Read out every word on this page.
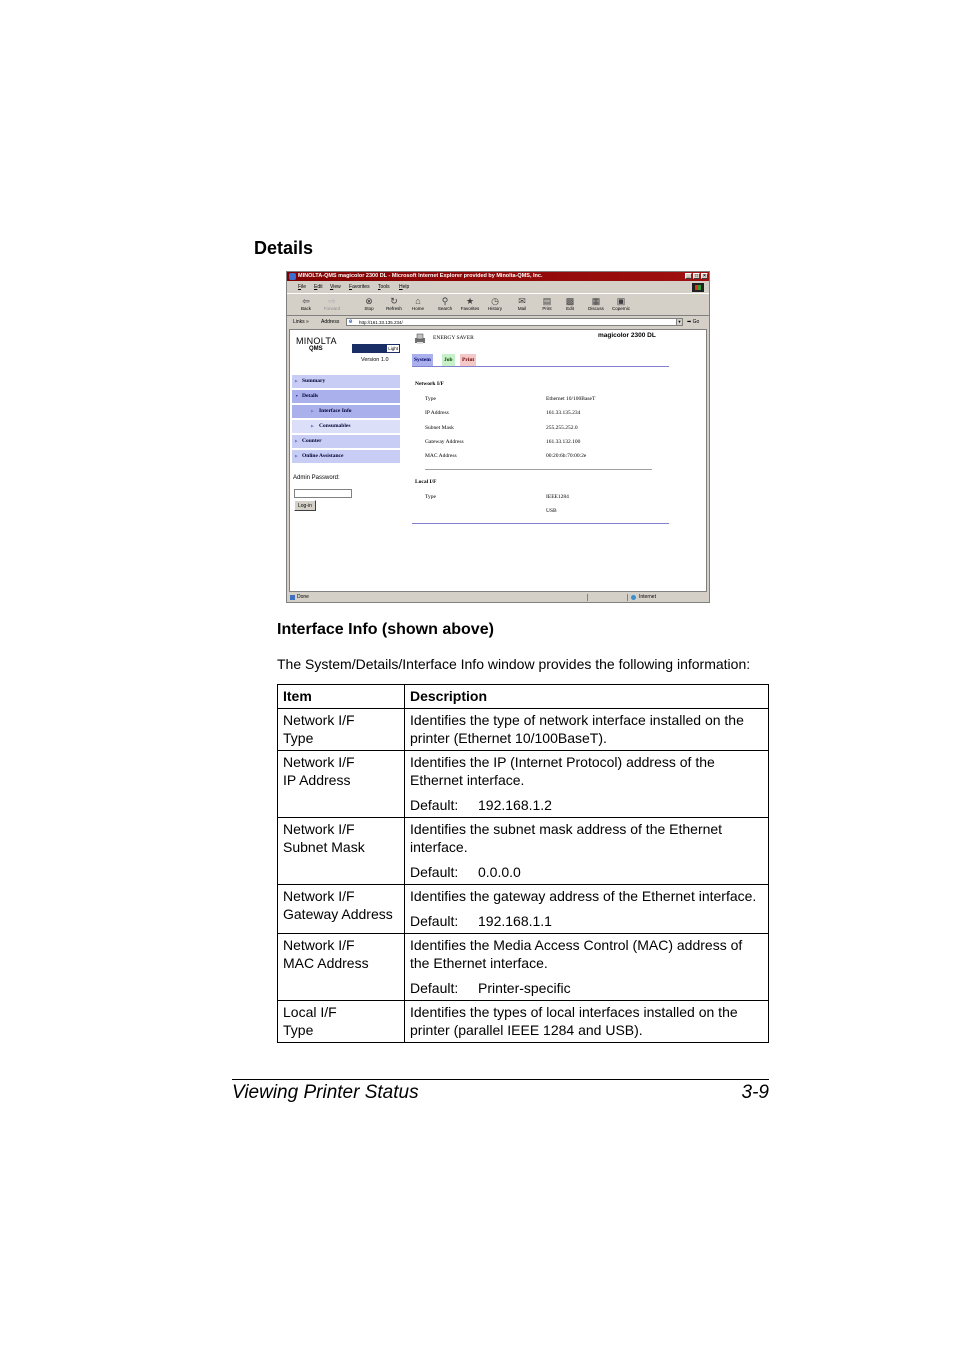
Details
MINOLTA-QMS magicolor 2300 DL - Microsoft Internet Explorer provided by Minolta-QMS, Inc.	_	□	×
File Edit View Favorites Tools Help
⇦
Back
⇨
Forward
⊗
Stop
↻
Refresh
⌂
Home
⚲
Search
★
Favorites
◷
History
✉
Mail
▤
Print
▩
Edit
▦
Discuss
▣
Copernic
Links » Address	e http://161.33.135.234/	▼	➡ Go
MINOLTA
QMS	Light
Version 1.0
▶ Summary
▼ Details
▶ Interface Info
▶ Consumables
▶ Counter
▶ Online Assistance
Admin Password:
Log-in
ENERGY SAVER	magicolor 2300 DL
System	Job	Print
Network I/F
Local I/F
Type	IEEE1284
USB
Type	Ethernet 10/100BaseT
IP Address	161.33.135.234
Subnet Mask	255.255.252.0
Gateway Address	161.33.132.100
MAC Address	00:20:6b:70:00:2e
Done	Internet
Interface Info (shown above)
The System/Details/Interface Info window provides the following information:
Item	Description

Network I/F
Type	Identifies the type of network interface installed on the printer (Ethernet 10/100BaseT).

Network I/F
IP Address	Identifies the IP (Internet Protocol) address of the Ethernet interface.
Default: 192.168.1.2

Network I/F
Subnet Mask	Identifies the subnet mask address of the Ethernet interface.
Default: 0.0.0.0

Network I/F
Gateway Address	Identifies the gateway address of the Ethernet interface.
Default: 192.168.1.1

Network I/F
MAC Address	Identifies the Media Access Control (MAC) address of the Ethernet interface.
Default: Printer-specific

Local I/F
Type	Identifies the types of local interfaces installed on the printer (parallel IEEE 1284 and USB).
Viewing Printer Status	3-9
